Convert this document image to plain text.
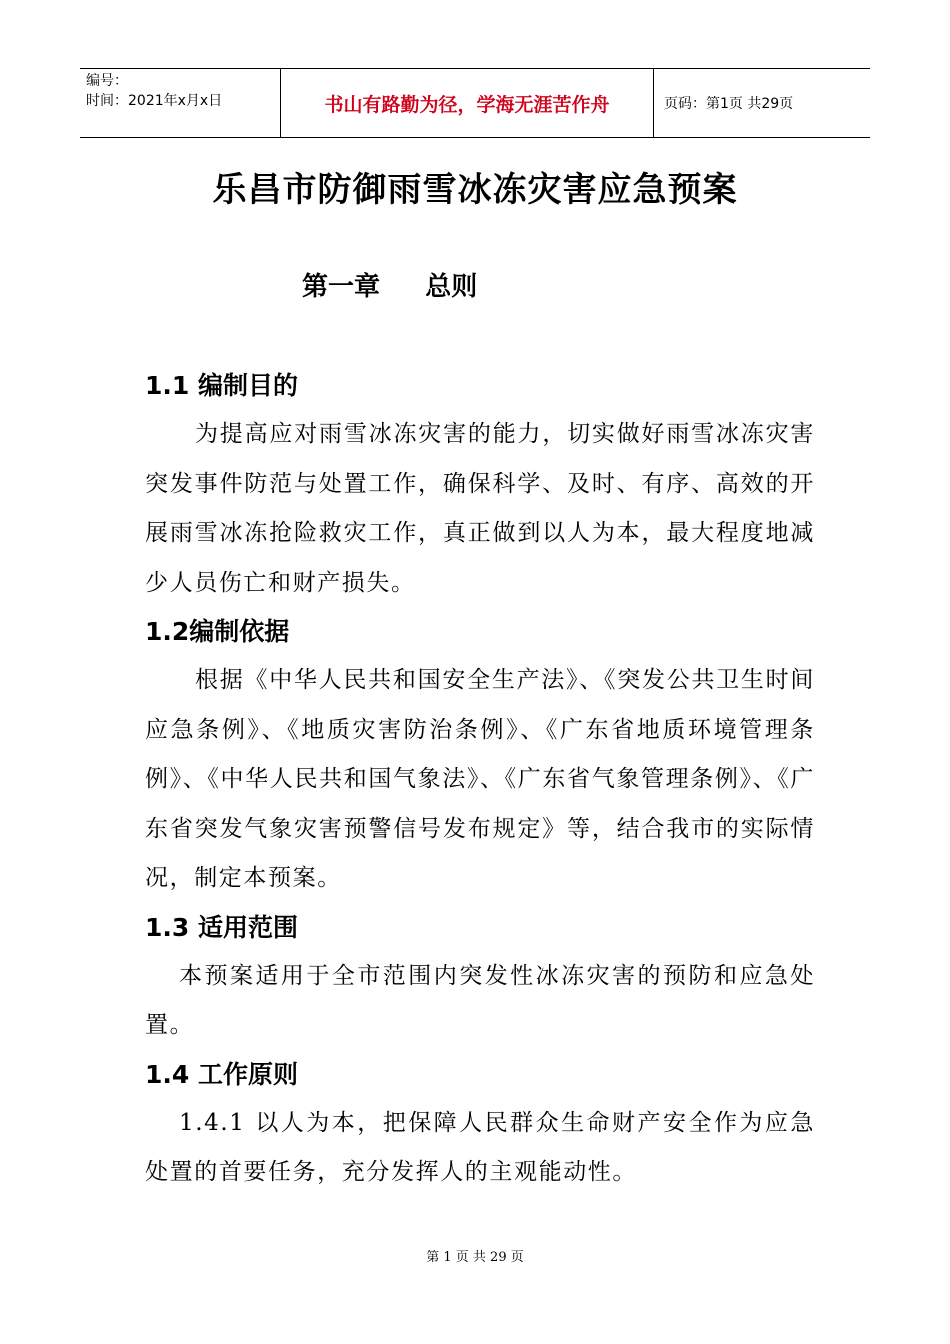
编号：
时间：2021年x月x日	书山有路勤为径，学海无涯苦作舟	页码：第1页 共29页
乐昌市防御雨雪冰冻灾害应急预案
第一章     总则
1.1 编制目的

为提高应对雨雪冰冻灾害的能力，切实做好雨雪冰冻灾害突发事件防范与处置工作，确保科学、及时、有序、高效的开展雨雪冰冻抢险救灾工作，真正做到以人为本，最大程度地减少人员伤亡和财产损失。

1.2编制依据

根据《中华人民共和国安全生产法》、《突发公共卫生时间应急条例》、《地质灾害防治条例》、《广东省地质环境管理条例》、《中华人民共和国气象法》、《广东省气象管理条例》、《广东省突发气象灾害预警信号发布规定》等，结合我市的实际情况，制定本预案。

1.3 适用范围

本预案适用于全市范围内突发性冰冻灾害的预防和应急处置。

1.4 工作原则

1.4.1 以人为本，把保障人民群众生命财产安全作为应急处置的首要任务，充分发挥人的主观能动性。

第 1 页 共 29 页
